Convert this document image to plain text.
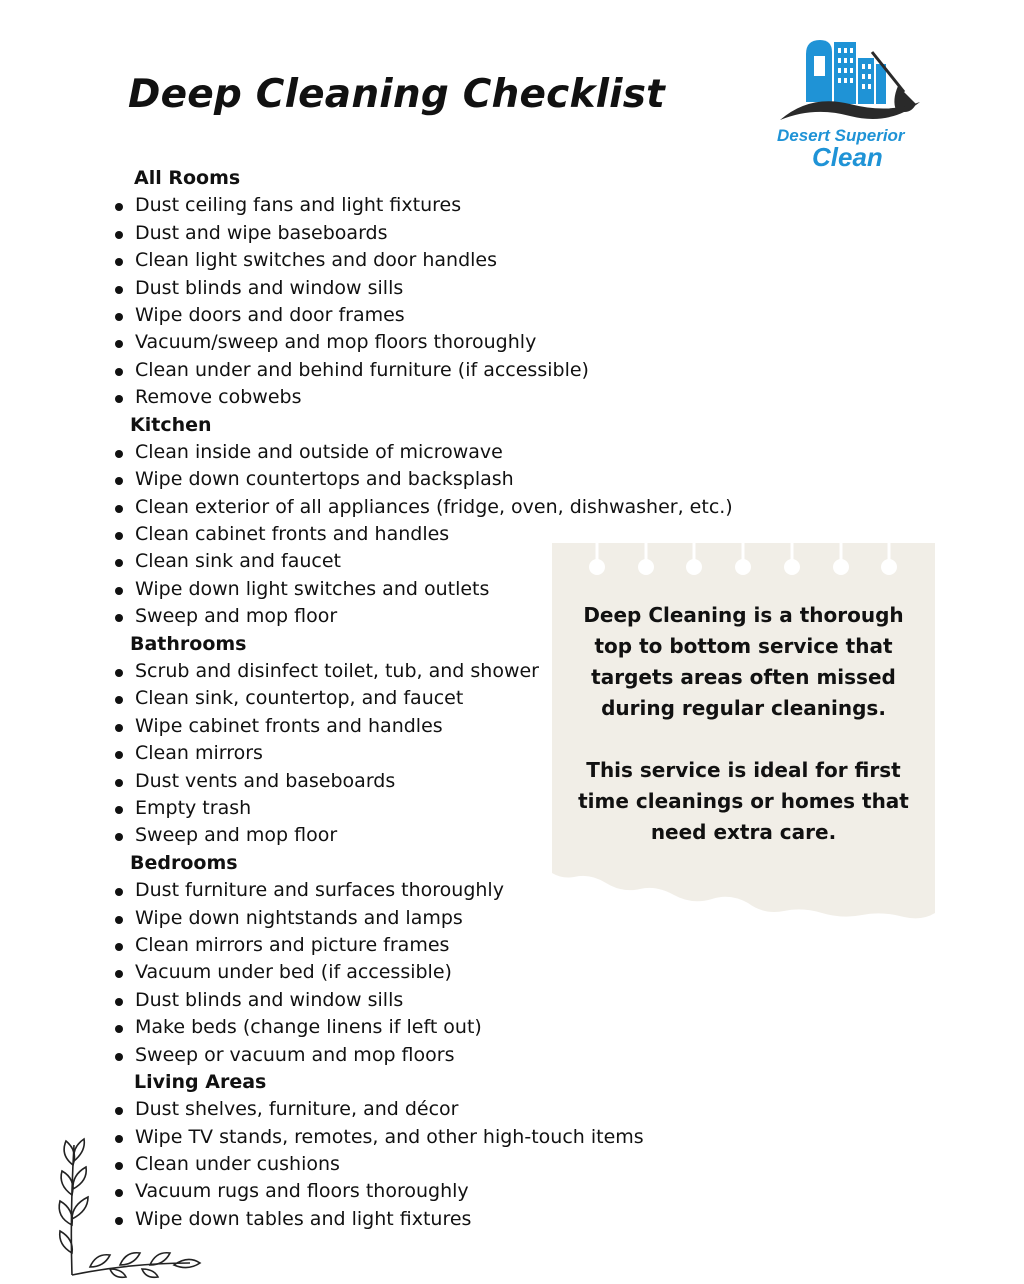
Deep Cleaning Checklist
Desert Superior
Clean
All Rooms
Dust ceiling fans and light fixtures
Dust and wipe baseboards
Clean light switches and door handles
Dust blinds and window sills
Wipe doors and door frames
Vacuum/sweep and mop floors thoroughly
Clean under and behind furniture (if accessible)
Remove cobwebs
Kitchen
Clean inside and outside of microwave
Wipe down countertops and backsplash
Clean exterior of all appliances (fridge, oven, dishwasher, etc.)
Clean cabinet fronts and handles
Clean sink and faucet
Wipe down light switches and outlets
Sweep and mop floor
Bathrooms
Scrub and disinfect toilet, tub, and shower
Clean sink, countertop, and faucet
Wipe cabinet fronts and handles
Clean mirrors
Dust vents and baseboards
Empty trash
Sweep and mop floor
Bedrooms
Dust furniture and surfaces thoroughly
Wipe down nightstands and lamps
Clean mirrors and picture frames
Vacuum under bed (if accessible)
Dust blinds and window sills
Make beds (change linens if left out)
Sweep or vacuum and mop floors
Living Areas
Dust shelves, furniture, and décor
Wipe TV stands, remotes, and other high-touch items
Clean under cushions
Vacuum rugs and floors thoroughly
Wipe down tables and light fixtures

Deep Cleaning is a thorough top to bottom service that targets areas often missed during regular cleanings.

This service is ideal for first time cleanings or homes that need extra care.
